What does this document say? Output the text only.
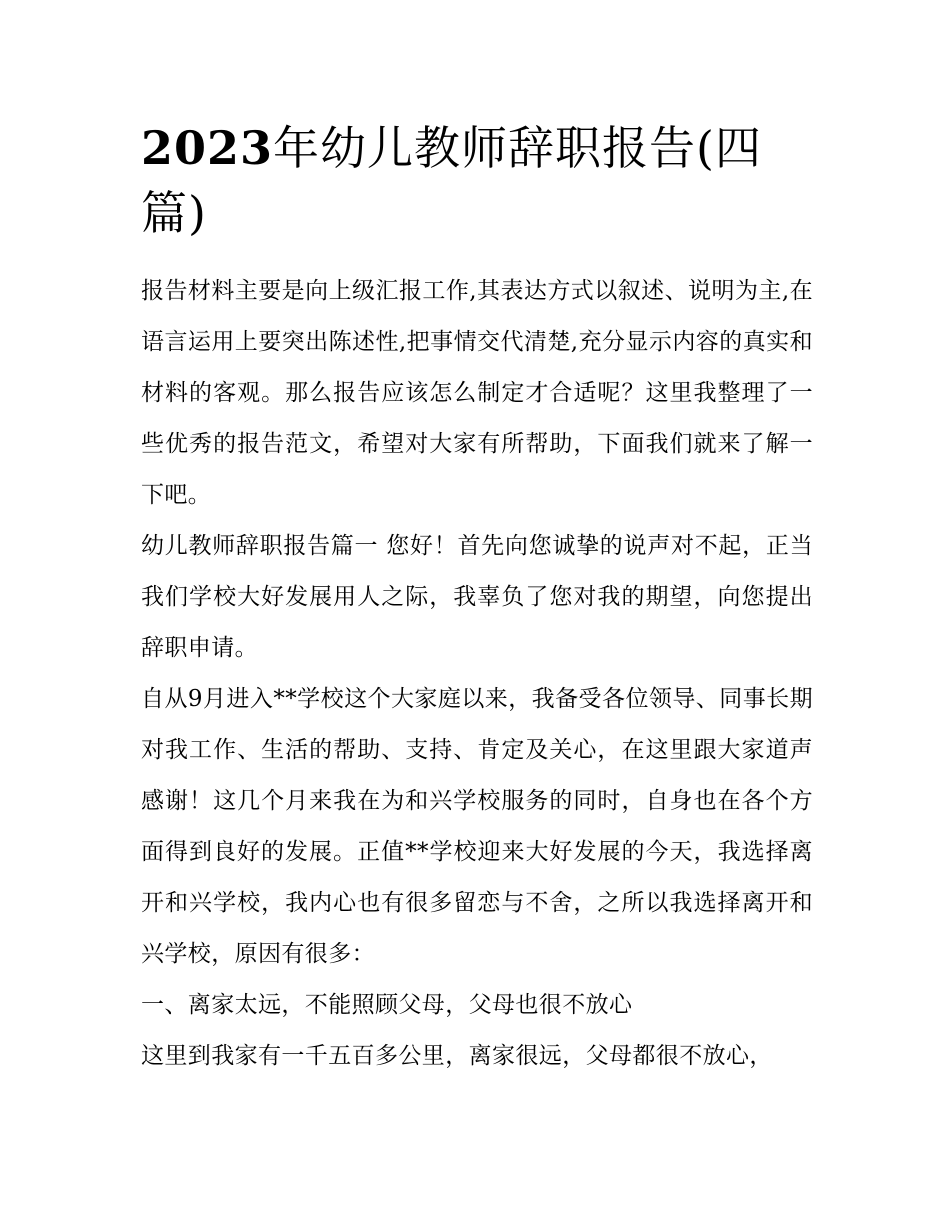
2023年幼儿教师辞职报告(四篇)

报告材料主要是向上级汇报工作,其表达方式以叙述、说明为主,在语言运用上要突出陈述性,把事情交代清楚,充分显示内容的真实和材料的客观。那么报告应该怎么制定才合适呢？这里我整理了一些优秀的报告范文，希望对大家有所帮助，下面我们就来了解一下吧。

幼儿教师辞职报告篇一 您好！首先向您诚挚的说声对不起，正当我们学校大好发展用人之际，我辜负了您对我的期望，向您提出辞职申请。

自从9月进入**学校这个大家庭以来，我备受各位领导、同事长期对我工作、生活的帮助、支持、肯定及关心，在这里跟大家道声感谢！这几个月来我在为和兴学校服务的同时，自身也在各个方面得到良好的发展。正值**学校迎来大好发展的今天，我选择离开和兴学校，我内心也有很多留恋与不舍，之所以我选择离开和兴学校，原因有很多：

一、离家太远，不能照顾父母，父母也很不放心

这里到我家有一千五百多公里，离家很远，父母都很不放心，
